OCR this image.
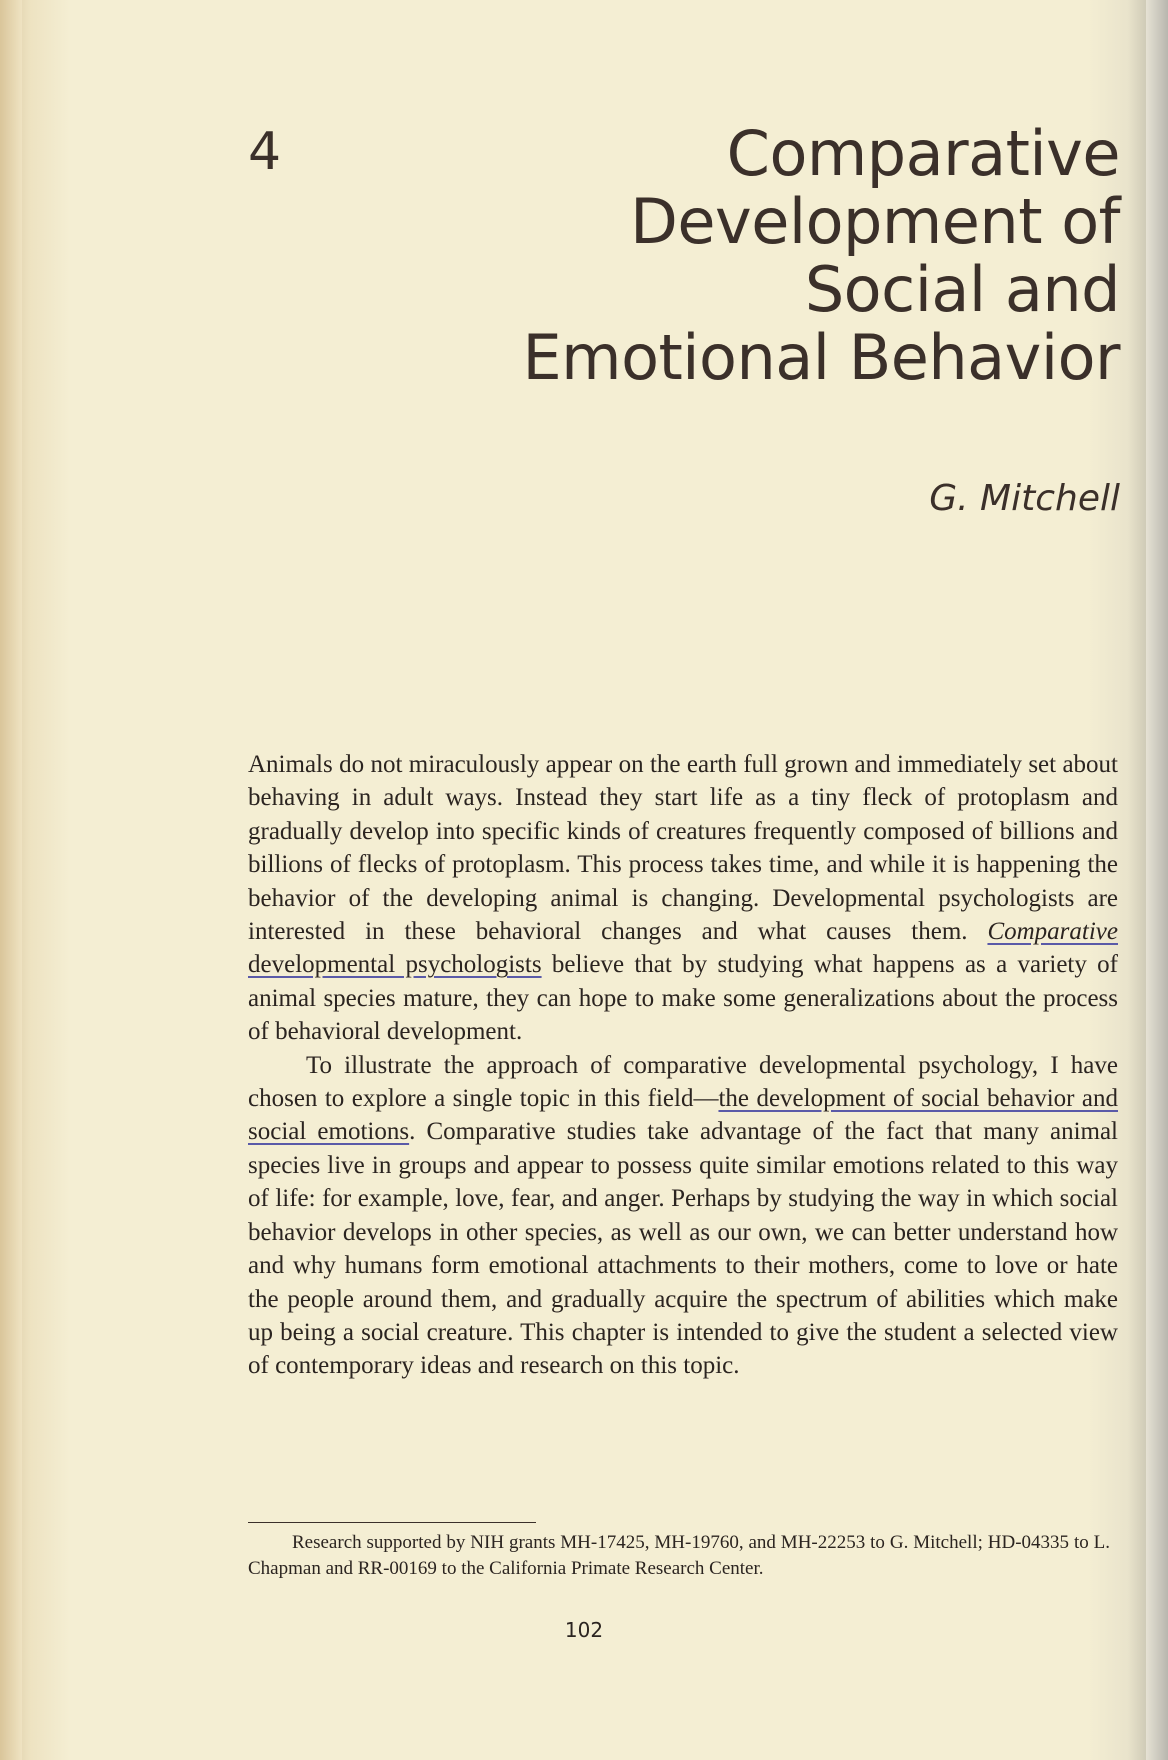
4	Comparative
Development of
Social and
Emotional Behavior
G. Mitchell

Animals do not miraculously appear on the earth full grown and immediately set about behaving in adult ways. Instead they start life as a tiny fleck of protoplasm and gradually develop into specific kinds of creatures frequently composed of billions and billions of flecks of protoplasm. This process takes time, and while it is happening the behavior of the developing animal is changing. Developmental psychologists are interested in these behavioral changes and what causes them. Comparative developmental psychologists believe that by studying what happens as a variety of animal species mature, they can hope to make some generalizations about the process of behavioral development.

To illustrate the approach of comparative developmental psychology, I have chosen to explore a single topic in this field—the development of social behavior and social emotions. Comparative studies take advantage of the fact that many animal species live in groups and appear to possess quite similar emotions related to this way of life: for example, love, fear, and anger. Perhaps by studying the way in which social behavior develops in other species, as well as our own, we can better understand how and why humans form emotional attachments to their mothers, come to love or hate the people around them, and gradually acquire the spectrum of abilities which make up being a social creature. This chapter is intended to give the student a selected view of contemporary ideas and research on this topic.

Research supported by NIH grants MH-17425, MH-19760, and MH-22253 to G. Mitchell; HD-04335 to L. Chapman and RR-00169 to the California Primate Research Center.
102
